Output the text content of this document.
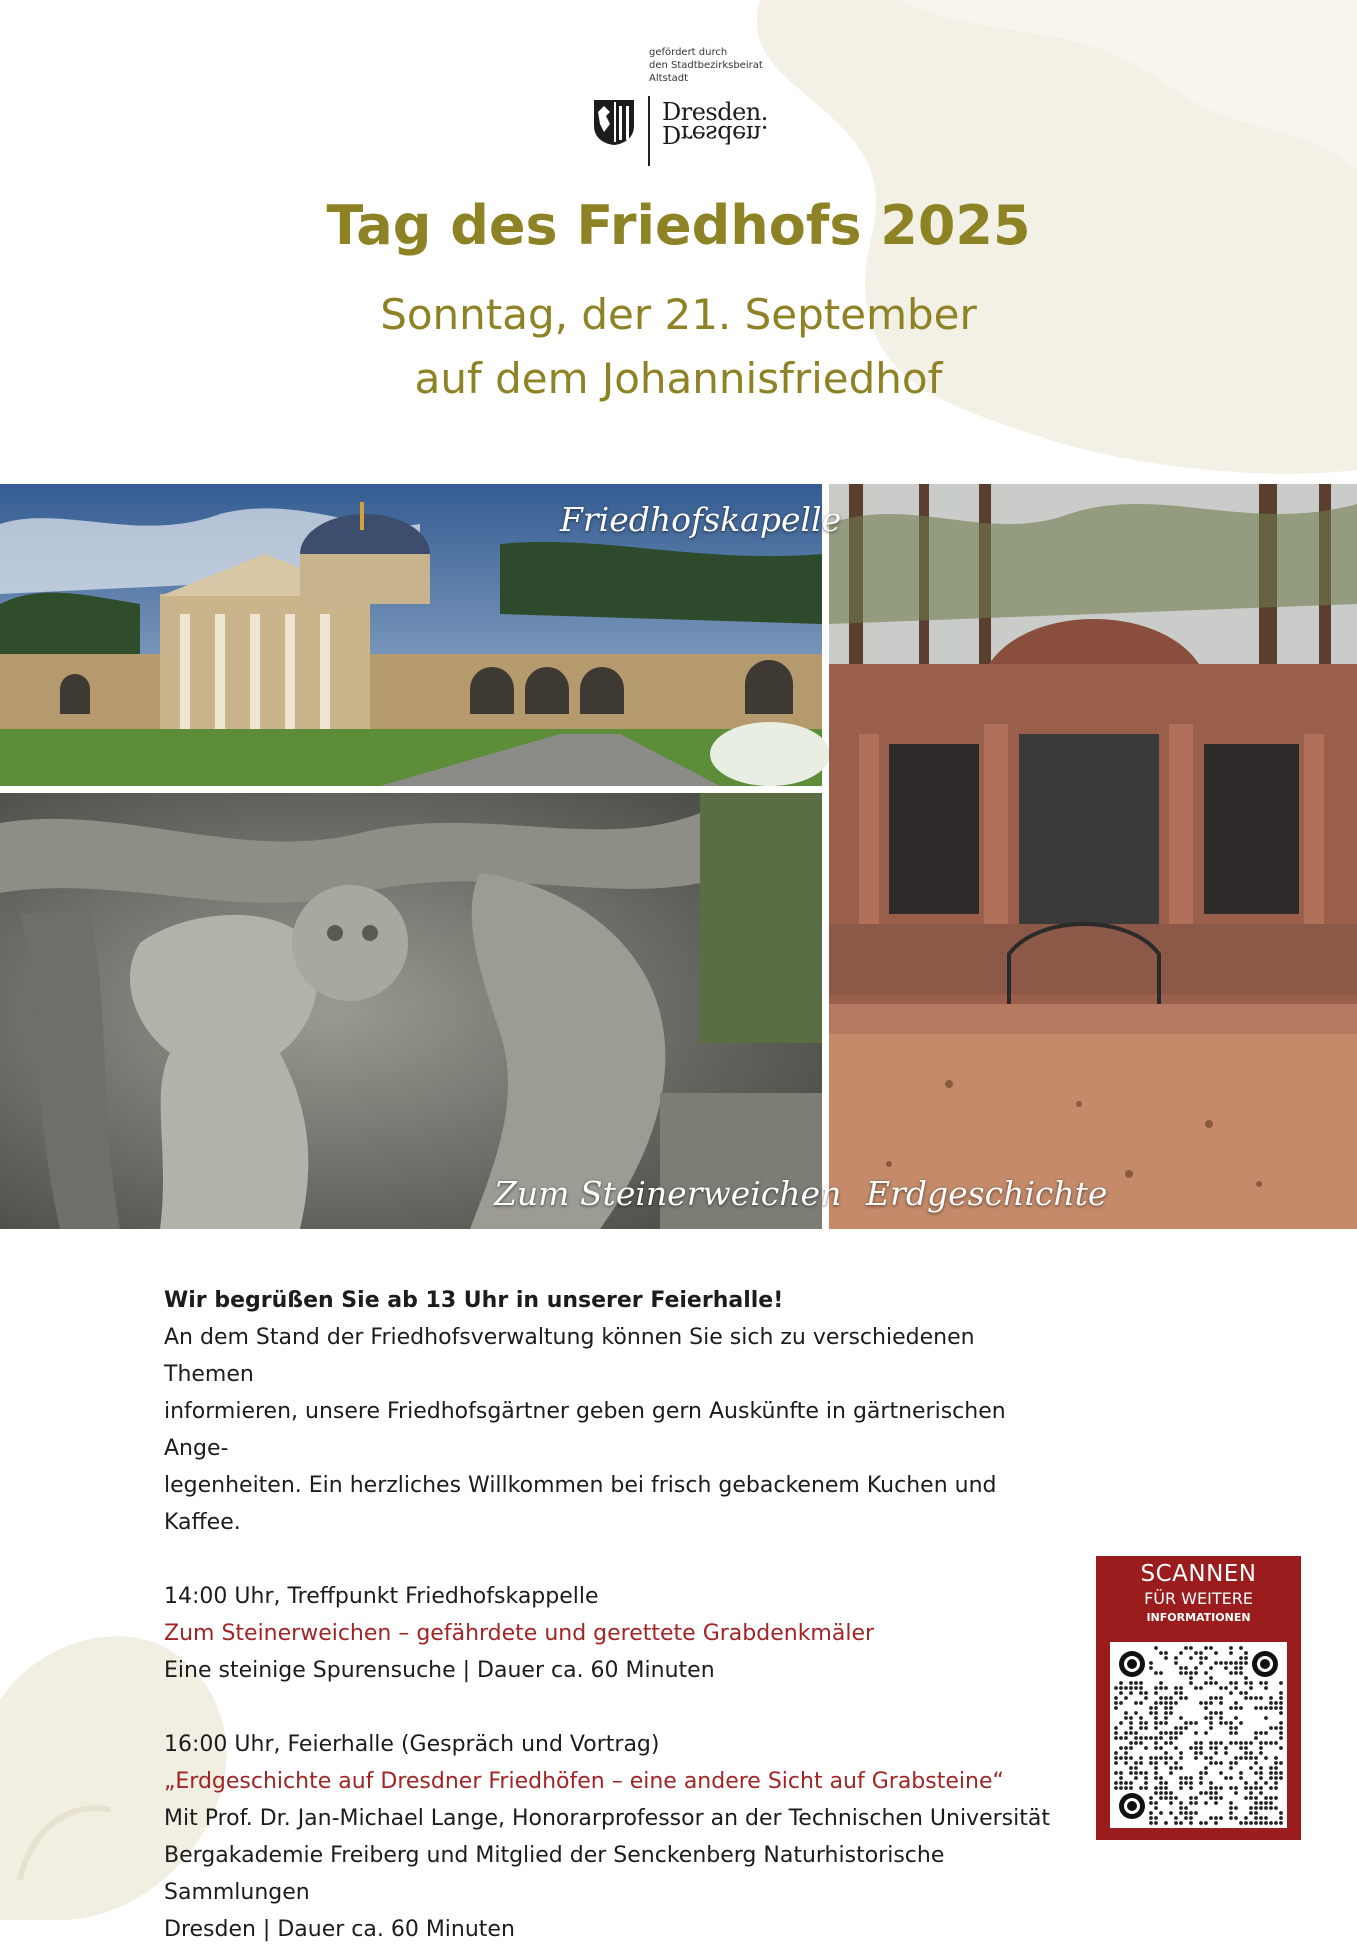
gefördert durch
den Stadtbezirksbeirat
Altstadt
Dresden.
Dresden.
Tag des Friedhofs 2025
Sonntag, der 21. September
auf dem Johannisfriedhof
Friedhofskapelle
Zum Steinerweichen Erdgeschichte
Wir begrüßen Sie ab 13 Uhr in unserer Feierhalle!
An dem Stand der Friedhofsverwaltung können Sie sich zu verschiedenen Themen
informieren, unsere Friedhofsgärtner geben gern Auskünfte in gärtnerischen Ange-
legenheiten. Ein herzliches Willkommen bei frisch gebackenem Kuchen und Kaffee.
14:00 Uhr, Treffpunkt Friedhofskappelle
Zum Steinerweichen – gefährdete und gerettete Grabdenkmäler
Eine steinige Spurensuche | Dauer ca. 60 Minuten
16:00 Uhr, Feierhalle (Gespräch und Vortrag)
„Erdgeschichte auf Dresdner Friedhöfen – eine andere Sicht auf Grabsteine“
Mit Prof. Dr. Jan-Michael Lange, Honorarprofessor an der Technischen Universität
Bergakademie Freiberg und Mitglied der Senckenberg Naturhistorische Sammlungen
Dresden | Dauer ca. 60 Minuten
SCANNEN
FÜR WEITERE
INFORMATIONEN
